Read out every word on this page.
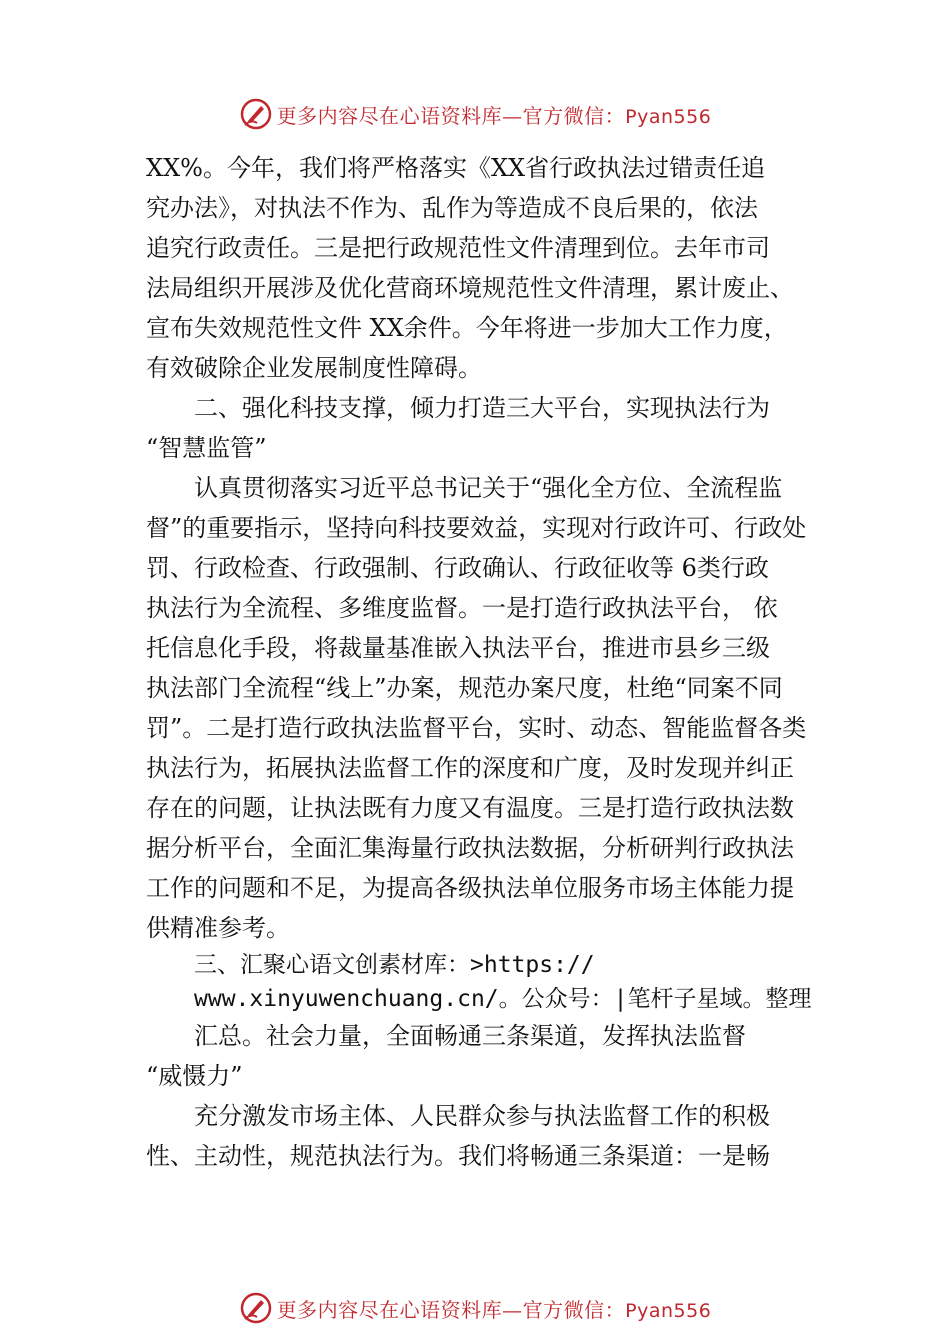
更多内容尽在心语资料库—官方微信：Pyan556
XX%。今年，我们将严格落实《XX省行政执法过错责任追
究办法》，对执法不作为、乱作为等造成不良后果的，依法
追究行政责任。三是把行政规范性文件清理到位。去年市司
法局组织开展涉及优化营商环境规范性文件清理，累计废止、
宣布失效规范性文件 XX余件。今年将进一步加大工作力度，
有效破除企业发展制度性障碍。
二、强化科技支撑，倾力打造三大平台，实现执法行为
“智慧监管”
认真贯彻落实习近平总书记关于“强化全方位、全流程监
督”的重要指示，坚持向科技要效益，实现对行政许可、行政处
罚、行政检查、行政强制、行政确认、行政征收等 6类行政
执法行为全流程、多维度监督。一是打造行政执法平台， 依
托信息化手段，将裁量基准嵌入执法平台，推进市县乡三级
执法部门全流程“线上”办案，规范办案尺度，杜绝“同案不同
罚”。二是打造行政执法监督平台，实时、动态、智能监督各类
执法行为，拓展执法监督工作的深度和广度，及时发现并纠正
存在的问题，让执法既有力度又有温度。三是打造行政执法数
据分析平台，全面汇集海量行政执法数据，分析研判行政执法
工作的问题和不足，为提高各级执法单位服务市场主体能力提
供精准参考。
三、汇聚心语文创素材库：>https://
www.xinyuwenchuang.cn/。公众号：|笔杆子星域。整理
汇总。社会力量，全面畅通三条渠道，发挥执法监督
“威慑力”
充分激发市场主体、人民群众参与执法监督工作的积极
性、主动性，规范执法行为。我们将畅通三条渠道：一是畅
更多内容尽在心语资料库—官方微信：Pyan556
